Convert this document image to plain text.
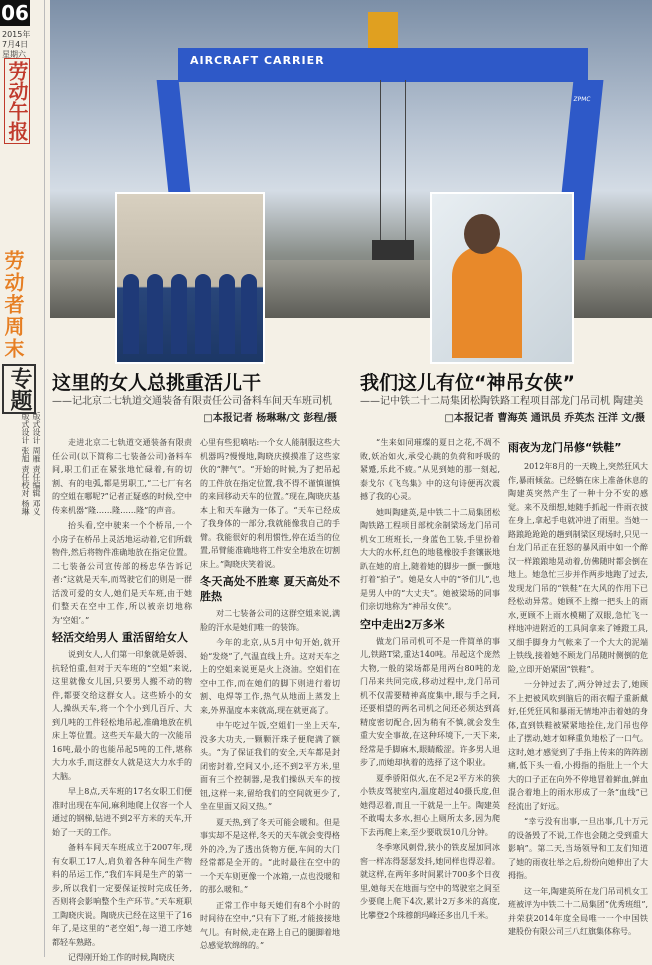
06
2015年
7月4日
星期六
劳动午报
劳动者周末
专题
版式设计 周雁 责任编辑 邓义 版式设计 张旭 责任校对 杨琳
AIRCRAFT CARRIER
ZPMC
这里的女人总挑重活儿干
——记北京二七轨道交通装备有限责任公司备料车间天车班司机
□本报记者 杨琳琳/文 彭程/摄
我们这儿有位“神吊女侠”
——记中铁二十二局集团松陶铁路工程项目部龙门吊司机 陶建美
□本报记者 曹海英 通讯员 乔英杰 汪洋 文/摄

走进北京二七轨道交通装备有限责任公司(以下简称二七装备公司)备料车间,职工们正在紧张地忙碌着,有的切割、有的电弧,都是男职工,“二七厂有名的空姐在哪呢?”记者正疑惑的时候,空中传来机器“隆……隆……隆”的声音。

抬头看,空中驶来一个个桥吊,一个小房子在桥吊上灵活地运动着,它们所载物件,然后将物件准确地放在指定位置。二七装备公司宣传部的杨忠华告诉记者:“这就是天车,而驾驶它们的则是一群活泼可爱的女人,她们是天车班,由于她们整天在空中工作,所以被亲切地称为‘空姐’。”

轻活交给男人 重活留给女人

说到女人,人们第一印象就是娇弱、抗轻怕重,但对于天车班的“空姐”来说,这里就像女儿国,只要男人搬不动的物件,都要交给这群女人。这些娇小的女人,操纵天车,将一个个小到几百斤、大到几吨的工件轻松地吊起,准确地放在机床上等位置。这些天车最大的一次能吊16吨,最小的也能吊起5吨的工件,堪称大力水手,而这群女人就是这大力水手的大脑。

早上8点,天车班的17名女职工们便准时出现在车间,麻利地爬上仅容一个人通过的钢梯,钻进不到2平方米的天车,开始了一天的工作。

备料车间天车班成立于2007年,现有女职工17人,肩负着各种车间生产物料的吊运工作,“我们车间是生产的第一步,所以我们一定要保证按时完成任务,否则将会影响整个生产环节。”天车班职工陶晓庆说。陶晓庆已经在这里干了16年了,是这里的“老空姐”,每一道工序她都轻车熟路。

记得刚开始工作的时候,陶晓庆

心里有些犯嘀咕:一个女人能制服这些大机器吗?慢慢地,陶晓庆摸摸准了这些家伙的“脾气”。“开始的时候,为了把吊起的工件放在指定位置,我不得不谨慎谨慎的来回移动天车的位置。”现在,陶晓庆基本上和天车融为一体了。“天车已经成了我身体的一部分,我就能像我自己的手臂。我能很好的利用惯性,停在适当的位置,吊臂能准确地将工件安全地放在切割床上。”陶晓庆笑着说。

冬天高处不胜寒 夏天高处不胜热

对二七装备公司的这群空姐来说,满脸的汗水是她们唯一的装饰。

今年的北京,从5月中旬开始,就开始“发烧”了,气温直线上升。这对天车之上的空姐来说更是火上浇油。空姐们在空中工作,而在她们的脚下则进行着切割、电焊等工作,热气从地面上蒸发上来,外界温度本来就高,现在就更高了。

中午吃过午饭,空姐们一坐上天车,没多大功夫,一颗颗汗珠子便爬满了额头。“为了保证我们的安全,天车都是封闭密封着,空间又小,还不到2平方米,里面有三个控制器,是我们操纵天车的按钮,这样一来,留给我们的空间就更少了,坐在里面又闷又热。”

夏天热,到了冬天可能会暖和。但是事实却不是这样,冬天的天车就会变得格外的冷,为了透出货物方便,车间的大门经常都是全开的。“此时最往在空中的一个天车则更像一个冰箱,一点也没暖和的那么暖和。”

正常工作中每天她们有8个小时的时间待在空中,“只有下了班,才能接接地气儿。有时候,走在路上自己的腿脚着地总感觉软绵绵的。”

“生来如同璀璨的夏日之花,不凋不败,妖冶如火,承受心跳的负荷和呼吸的紧蹙,乐此不疲。”从见到她的那一刻起,泰戈尔《飞鸟集》中的这句诗便再次震撼了我的心灵。

她叫陶建英,是中铁二十二局集团松陶铁路工程项目部枕余制梁场龙门吊司机女工班班长,一身蓝色工装,手里扮着大大的水杯,红色的地毯橡胶手套镶嵌地趴在她的肩上,随着她的脚步一颤一颤地打着“拍子”。她是女人中的“爷们儿”,也是男人中的“大丈夫”。她被梁场的同事们亲切地称为“神吊女侠”。

空中走出2万多米

做龙门吊司机可不是一件简单的事儿,铁路T梁,重达140吨。吊起这个庞然大物,一般的梁场都是用两台80吨的龙门吊来共同完成,移动过程中,龙门吊司机不仅需要精神高度集中,眼与手之间,还要相望的两名司机之间还必须达到高精度密切配合,因为稍有不慎,就会发生重大安全事故,在这种环境下,一天下来,经常是手脚麻木,眼睛酸涩。许多男人退步了,而她却执着的选择了这个职业。

夏季骄阳似火,在不足2平方米的狭小铁皮驾驶室内,温度超过40摄氏度,但她得忍着,而且一干就是一上午。陶建英不敢喝太多水,担心上厕所太多,因为爬下去再爬上来,至少要耽误10几分钟。

冬季寒风刺骨,狭小的铁皮屋加同冰窖一样冻得瑟瑟发抖,她同样也得忍着。就这样,在两年多时间累计700多个日夜里,她每天在地面与空中的驾驶室之间至少要爬上爬下4次,累计2万多米的高度,比攀登2个珠穆朗玛峰还多出几千米。

雨夜为龙门吊修“铁鞋”

2012年8月的一天晚上,突然狂风大作,暴雨倾盆。已经躺在床上准备休息的陶建英突然产生了一种十分不安的感觉。来不及细想,她随手抓起一件雨衣披在身上,拿起手电就冲进了雨里。当她一路踉跄跄跄的趟到制梁区现场时,只见一台龙门吊正在狂怒的暴风雨中如一个醉汉一样踉踉地晃动着,仿佛随时都会倒在地上。她急忙三步并作两步地跑了过去,发现龙门吊的“铁鞋”在大风的作用下已经松动异常。她顾不上擦一把头上的雨水,更顾不上雨水模糊了双眼,急忙飞一样地冲进附近的工具间拿来了锤蹬工具,又细手脚身力气帐来了一个大大的泥端上铁线,接着她不顾龙门吊随时侧倒的危险,立即开始紧固“铁鞋”。

一分钟过去了,两分钟过去了,她顾不上把被风吹到脑后的雨衣帽子重新戴好,任凭狂风和暴雨无情地冲击着她的身体,直到铁鞋被紧紧地拴住,龙门吊也停止了摆动,她才如释重负地松了一口气。这时,她才感觉到了手指上传来的阵阵剧痛,低下头一看,小拇指的指肚上一个大大的口子正在向外不停地冒着鲜血,鲜血混合着地上的雨水形成了一条“血线”已经流出了好远。

“幸亏没有出事,一旦出事,几十万元的设备毁了不说,工作也会随之受到重大影响”。第二天,当场领导和工友们知道了她的雨夜壮举之后,纷纷向她伸出了大拇指。

这一年,陶建英所在龙门吊司机女工班被评为中铁二十二局集团“优秀班组”,并荣获2014年度全局唯一一个中国铁建股份有限公司三八红旗集体称号。
